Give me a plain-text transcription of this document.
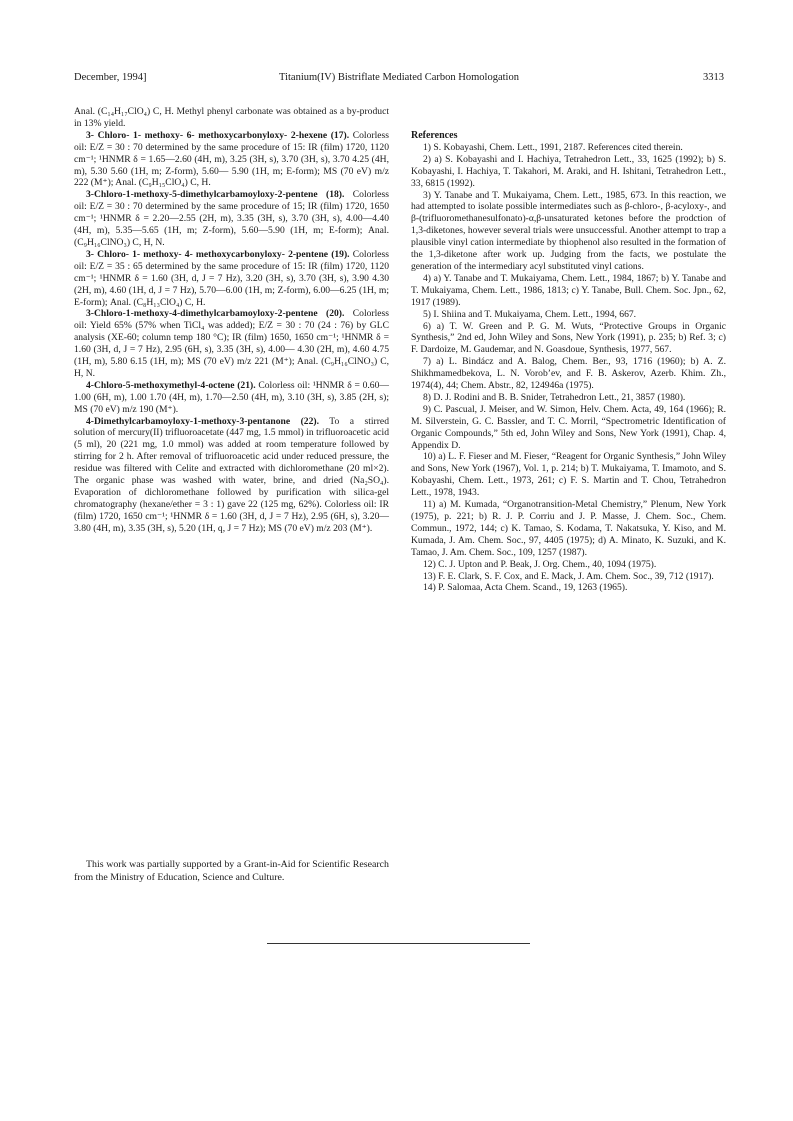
December, 1994]	Titanium(IV) Bistriflate Mediated Carbon Homologation	3313

Anal. (C₁₄H₁₇ClO₄) C, H. Methyl phenyl carbonate was obtained as a by-product in 13% yield.

3- Chloro- 1- methoxy- 6- methoxycarbonyloxy- 2-hexene (17). Colorless oil: E/Z = 30 : 70 determined by the same procedure of 15: IR (film) 1720, 1120 cm⁻¹; ¹HNMR δ = 1.65—2.60 (4H, m), 3.25 (3H, s), 3.70 (3H, s), 3.70 4.25 (4H, m), 5.30 5.60 (1H, m; Z-form), 5.60— 5.90 (1H, m; E-form); MS (70 eV) m/z 222 (M⁺); Anal. (C₉H₁₅ClO₄) C, H.

3-Chloro-1-methoxy-5-dimethylcarbamoyloxy-2-pentene (18). Colorless oil: E/Z = 30 : 70 determined by the same procedure of 15; IR (film) 1720, 1650 cm⁻¹; ¹HNMR δ = 2.20—2.55 (2H, m), 3.35 (3H, s), 3.70 (3H, s), 4.00—4.40 (4H, m), 5.35—5.65 (1H, m; Z-form), 5.60—5.90 (1H, m; E-form); Anal. (C₉H₁₆ClNO₃) C, H, N.

3- Chloro- 1- methoxy- 4- methoxycarbonyloxy- 2-pentene (19). Colorless oil: E/Z = 35 : 65 determined by the same procedure of 15: IR (film) 1720, 1120 cm⁻¹; ¹HNMR δ = 1.60 (3H, d, J = 7 Hz), 3.20 (3H, s), 3.70 (3H, s), 3.90 4.30 (2H, m), 4.60 (1H, d, J = 7 Hz), 5.70—6.00 (1H, m; Z-form), 6.00—6.25 (1H, m; E-form); Anal. (C₈H₁₃ClO₄) C, H.

3-Chloro-1-methoxy-4-dimethylcarbamoyloxy-2-pentene (20). Colorless oil: Yield 65% (57% when TiCl₄ was added); E/Z = 30 : 70 (24 : 76) by GLC analysis (XE-60; column temp 180 °C); IR (film) 1650, 1650 cm⁻¹; ¹HNMR δ = 1.60 (3H, d, J = 7 Hz), 2.95 (6H, s), 3.35 (3H, s), 4.00— 4.30 (2H, m), 4.60 4.75 (1H, m), 5.80 6.15 (1H, m); MS (70 eV) m/z 221 (M⁺); Anal. (C₉H₁₆ClNO₃) C, H, N.

4-Chloro-5-methoxymethyl-4-octene (21). Colorless oil: ¹HNMR δ = 0.60—1.00 (6H, m), 1.00 1.70 (4H, m), 1.70—2.50 (4H, m), 3.10 (3H, s), 3.85 (2H, s); MS (70 eV) m/z 190 (M⁺).

4-Dimethylcarbamoyloxy-1-methoxy-3-pentanone (22). To a stirred solution of mercury(II) trifluoroacetate (447 mg, 1.5 mmol) in trifluoroacetic acid (5 ml), 20 (221 mg, 1.0 mmol) was added at room temperature followed by stirring for 2 h. After removal of trifluoroacetic acid under reduced pressure, the residue was filtered with Celite and extracted with dichloromethane (20 ml×2). The organic phase was washed with water, brine, and dried (Na₂SO₄). Evaporation of dichloromethane followed by purification with silica-gel chromatography (hexane/ether = 3 : 1) gave 22 (125 mg, 62%). Colorless oil: IR (film) 1720, 1650 cm⁻¹; ¹HNMR δ = 1.60 (3H, d, J = 7 Hz), 2.95 (6H, s), 3.20—3.80 (4H, m), 3.35 (3H, s), 5.20 (1H, q, J = 7 Hz); MS (70 eV) m/z 203 (M⁺).

This work was partially supported by a Grant-in-Aid for Scientific Research from the Ministry of Education, Science and Culture.

References

1) S. Kobayashi, Chem. Lett., 1991, 2187. References cited therein.

2) a) S. Kobayashi and I. Hachiya, Tetrahedron Lett., 33, 1625 (1992); b) S. Kobayashi, I. Hachiya, T. Takahori, M. Araki, and H. Ishitani, Tetrahedron Lett., 33, 6815 (1992).

3) Y. Tanabe and T. Mukaiyama, Chem. Lett., 1985, 673. In this reaction, we had attempted to isolate possible intermediates such as β-chloro-, β-acyloxy-, and β-(trifluoromethanesulfonato)-α,β-unsaturated ketones before the prodction of 1,3-diketones, however several trials were unsuccessful. Another attempt to trap a plausible vinyl cation intermediate by thiophenol also resulted in the formation of the 1,3-diketone after work up. Judging from the facts, we postulate the generation of the intermediary acyl substituted vinyl cations.

4) a) Y. Tanabe and T. Mukaiyama, Chem. Lett., 1984, 1867; b) Y. Tanabe and T. Mukaiyama, Chem. Lett., 1986, 1813; c) Y. Tanabe, Bull. Chem. Soc. Jpn., 62, 1917 (1989).

5) I. Shiina and T. Mukaiyama, Chem. Lett., 1994, 667.

6) a) T. W. Green and P. G. M. Wuts, “Protective Groups in Organic Synthesis,” 2nd ed, John Wiley and Sons, New York (1991), p. 235; b) Ref. 3; c) F. Dardoize, M. Gaudemar, and N. Goasdoue, Synthesis, 1977, 567.

7) a) L. Bindácz and A. Balog, Chem. Ber., 93, 1716 (1960); b) A. Z. Shikhmamedbekova, L. N. Vorob’ev, and F. B. Askerov, Azerb. Khim. Zh., 1974(4), 44; Chem. Abstr., 82, 124946a (1975).

8) D. J. Rodini and B. B. Snider, Tetrahedron Lett., 21, 3857 (1980).

9) C. Pascual, J. Meiser, and W. Simon, Helv. Chem. Acta, 49, 164 (1966); R. M. Silverstein, G. C. Bassler, and T. C. Morril, “Spectrometric Identification of Organic Compounds,” 5th ed, John Wiley and Sons, New York (1991), Chap. 4, Appendix D.

10) a) L. F. Fieser and M. Fieser, “Reagent for Organic Synthesis,” John Wiley and Sons, New York (1967), Vol. 1, p. 214; b) T. Mukaiyama, T. Imamoto, and S. Kobayashi, Chem. Lett., 1973, 261; c) F. S. Martin and T. Chou, Tetrahedron Lett., 1978, 1943.

11) a) M. Kumada, “Organotransition-Metal Chemistry,” Plenum, New York (1975), p. 221; b) R. J. P. Corriu and J. P. Masse, J. Chem. Soc., Chem. Commun., 1972, 144; c) K. Tamao, S. Kodama, T. Nakatsuka, Y. Kiso, and M. Kumada, J. Am. Chem. Soc., 97, 4405 (1975); d) A. Minato, K. Suzuki, and K. Tamao, J. Am. Chem. Soc., 109, 1257 (1987).

12) C. J. Upton and P. Beak, J. Org. Chem., 40, 1094 (1975).

13) F. E. Clark, S. F. Cox, and E. Mack, J. Am. Chem. Soc., 39, 712 (1917).

14) P. Salomaa, Acta Chem. Scand., 19, 1263 (1965).
